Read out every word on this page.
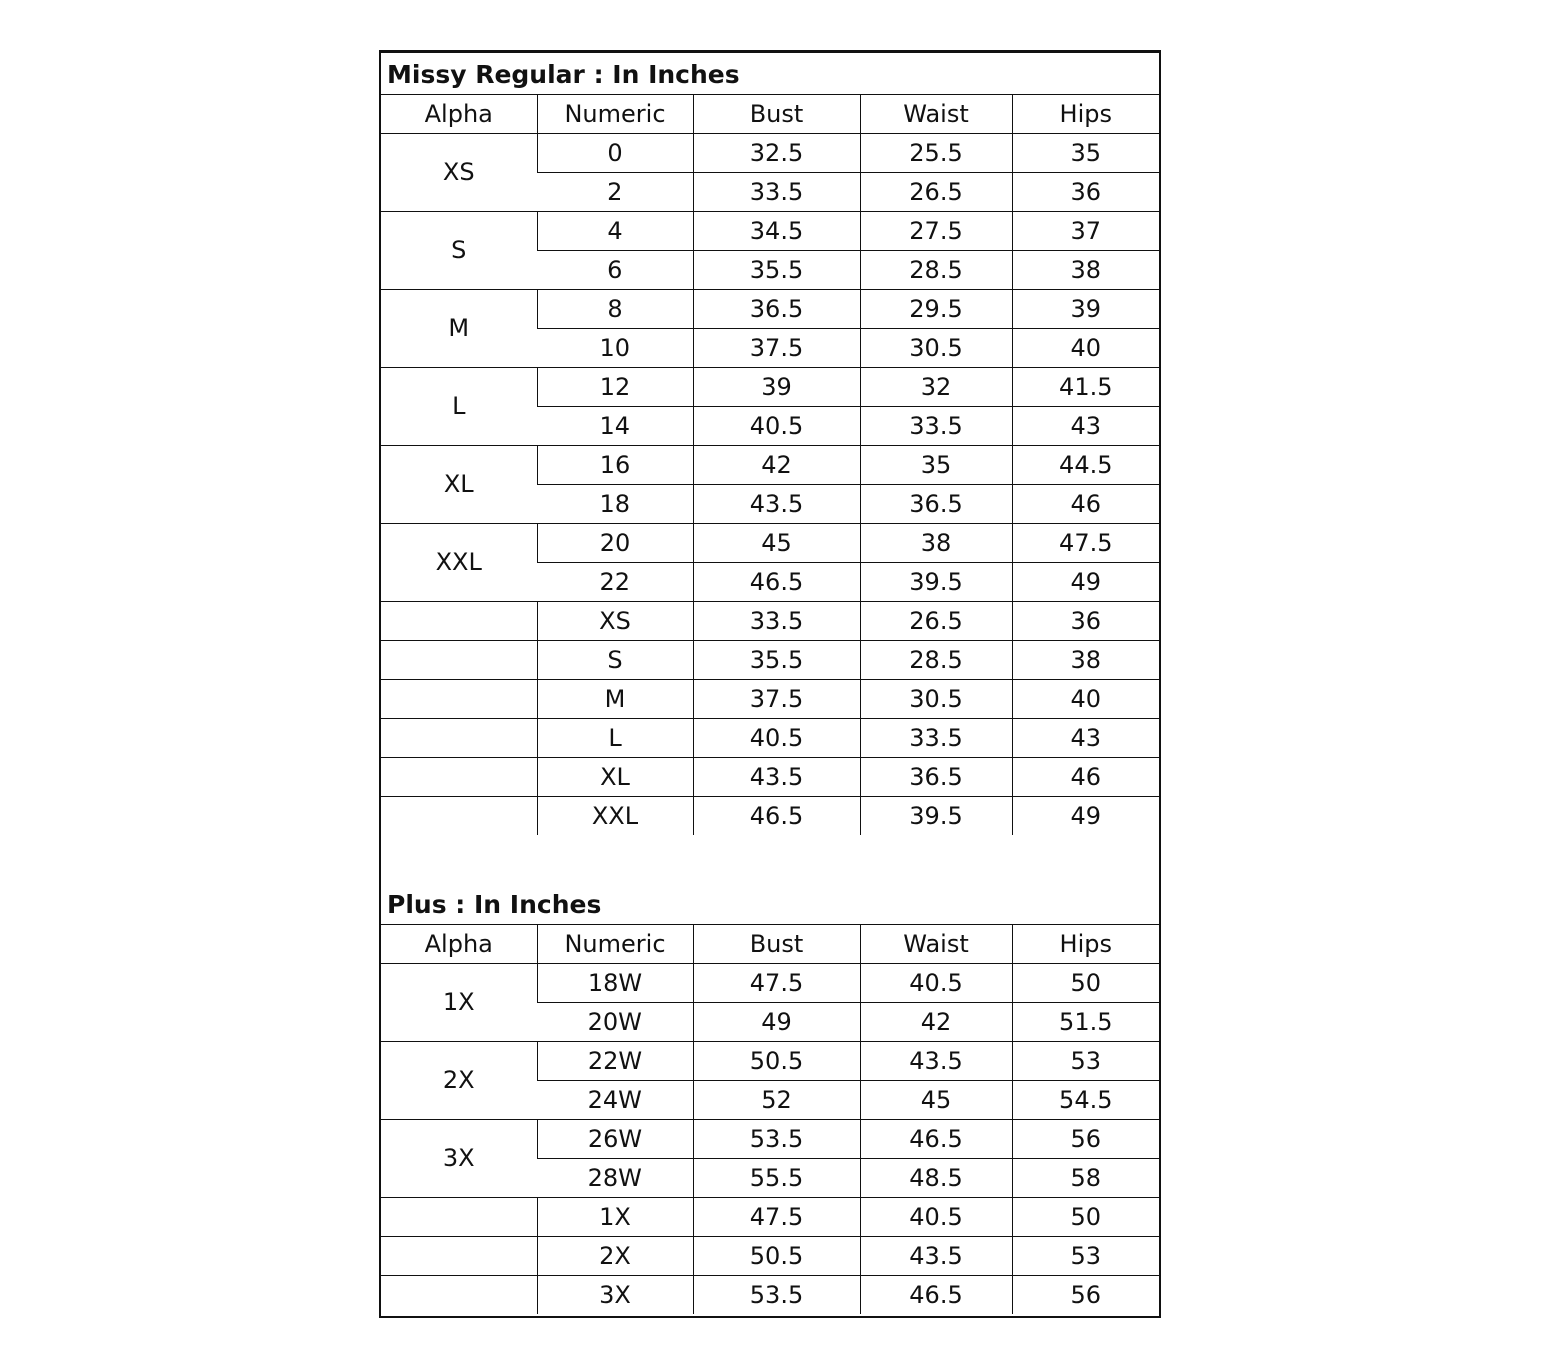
Missy Regular : In Inches				
Alpha	Numeric	Bust	Waist	Hips
XS	0	32.5	25.5	35
	2	33.5	26.5	36
S	4	34.5	27.5	37
	6	35.5	28.5	38
M	8	36.5	29.5	39
	10	37.5	30.5	40
L	12	39	32	41.5
	14	40.5	33.5	43
XL	16	42	35	44.5
	18	43.5	36.5	46
XXL	20	45	38	47.5
	22	46.5	39.5	49
	XS	33.5	26.5	36
	S	35.5	28.5	38
	M	37.5	30.5	40
	L	40.5	33.5	43
	XL	43.5	36.5	46
	XXL	46.5	39.5	49
Plus : In Inches				
Alpha	Numeric	Bust	Waist	Hips
1X	18W	47.5	40.5	50
	20W	49	42	51.5
2X	22W	50.5	43.5	53
	24W	52	45	54.5
3X	26W	53.5	46.5	56
	28W	55.5	48.5	58
	1X	47.5	40.5	50
	2X	50.5	43.5	53
	3X	53.5	46.5	56
